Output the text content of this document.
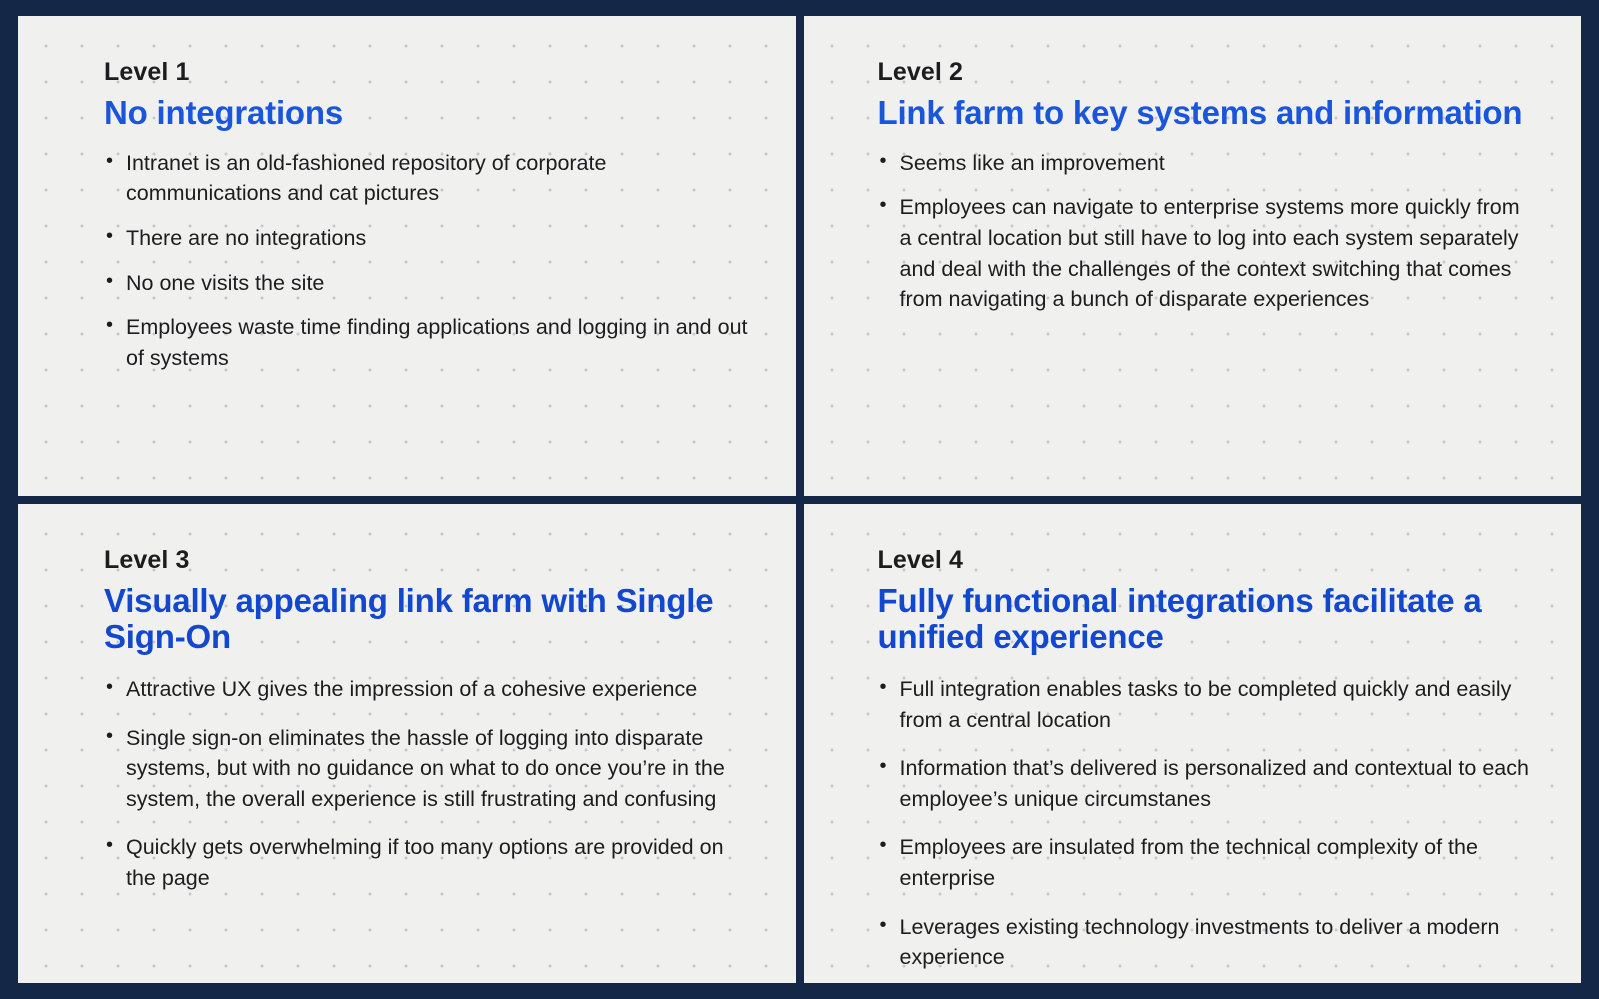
Level 1
No integrations
• Intranet is an old-fashioned repository of corporate communications and cat pictures
• There are no integrations
• No one visits the site
• Employees waste time finding applications and logging in and out of systems
Level 2
Link farm to key systems and information
• Seems like an improvement
• Employees can navigate to enterprise systems more quickly from a central location but still have to log into each system separately and deal with the challenges of the context switching that comes from navigating a bunch of disparate experiences
Level 3
Visually appealing link farm with Single Sign-On
• Attractive UX gives the impression of a cohesive experience
• Single sign-on eliminates the hassle of logging into disparate systems, but with no guidance on what to do once you’re in the system, the overall experience is still frustrating and confusing
• Quickly gets overwhelming if too many options are provided on the page
Level 4
Fully functional integrations facilitate a unified experience
• Full integration enables tasks to be completed quickly and easily from a central location
• Information that’s delivered is personalized and contextual to each employee’s unique circumstanes
• Employees are insulated from the technical complexity of the enterprise
• Leverages existing technology investments to deliver a modern experience
